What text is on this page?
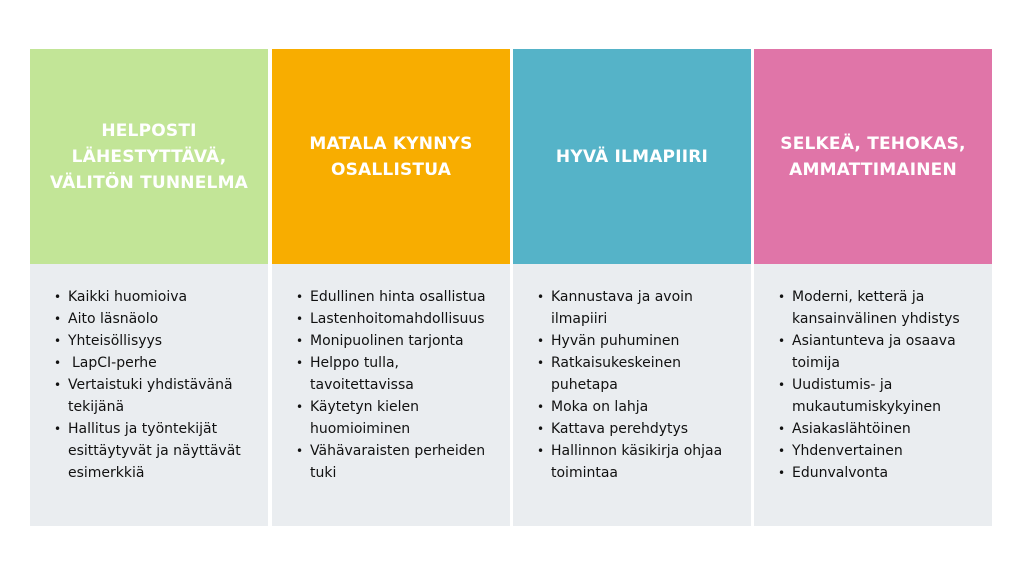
HELPOSTI LÄHESTYTTÄVÄ, VÄLITÖN TUNNELMA
• Kaikki huomioiva
• Aito läsnäolo
• Yhteisöllisyys
• LapCI-perhe
• Vertaistuki yhdistävänä tekijänä
• Hallitus ja työntekijät esittäytyvät ja näyttävät esimerkkiä
MATALA KYNNYS OSALLISTUA
• Edullinen hinta osallistua
• Lastenhoitomahdollisuus
• Monipuolinen tarjonta
• Helppo tulla, tavoitettavissa
• Käytetyn kielen huomioiminen
• Vähävaraisten perheiden tuki
HYVÄ ILMAPIIRI
• Kannustava ja avoin ilmapiiri
• Hyvän puhuminen
• Ratkaisukeskeinen puhetapa
• Moka on lahja
• Kattava perehdytys
• Hallinnon käsikirja ohjaa toimintaa
SELKEÄ, TEHOKAS, AMMATTIMAINEN
• Moderni, ketterä ja kansainvälinen yhdistys
• Asiantunteva ja osaava toimija
• Uudistumis- ja mukautumiskykyinen
• Asiakaslähtöinen
• Yhdenvertainen
• Edunvalvonta
